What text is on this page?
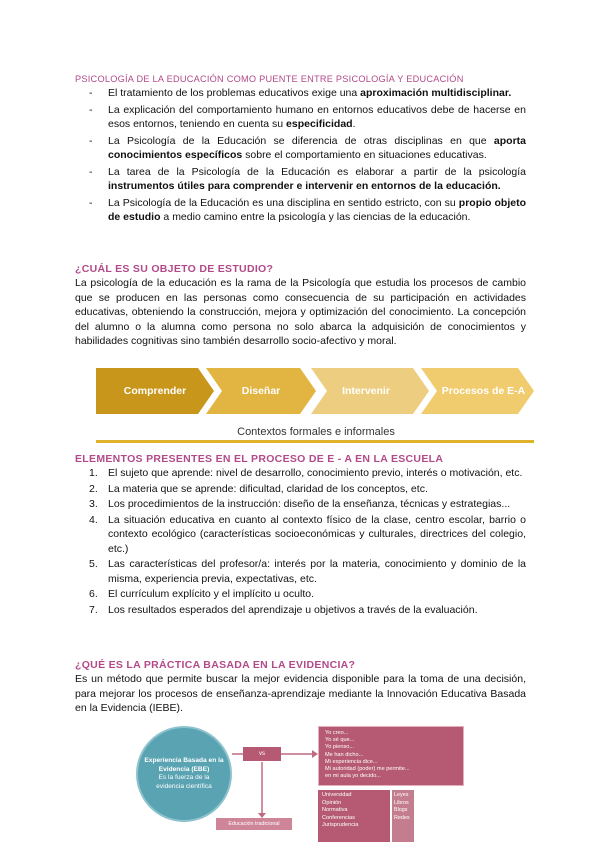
PSICOLOGÍA DE LA EDUCACIÓN COMO PUENTE ENTRE PSICOLOGÍA Y EDUCACIÓN
- El tratamiento de los problemas educativos exige una aproximación multidisciplinar.
- La explicación del comportamiento humano en entornos educativos debe de hacerse en esos entornos, teniendo en cuenta su especificidad.
- La Psicología de la Educación se diferencia de otras disciplinas en que aporta conocimientos específicos sobre el comportamiento en situaciones educativas.
- La tarea de la Psicología de la Educación es elaborar a partir de la psicología instrumentos útiles para comprender e intervenir en entornos de la educación.
- La Psicología de la Educación es una disciplina en sentido estricto, con su propio objeto de estudio a medio camino entre la psicología y las ciencias de la educación.
¿CUÁL ES SU OBJETO DE ESTUDIO?
La psicología de la educación es la rama de la Psicología que estudia los procesos de cambio que se producen en las personas como consecuencia de su participación en actividades educativas, obteniendo la construcción, mejora y optimización del conocimiento. La concepción del alumno o la alumna como persona no solo abarca la adquisición de conocimientos y habilidades cognitivas sino también desarrollo socio-afectivo y moral.
Comprender	Diseñar	Intervenir	Procesos de E-A
Contextos formales e informales
ELEMENTOS PRESENTES EN EL PROCESO DE E - A EN LA ESCUELA
1. El sujeto que aprende: nivel de desarrollo, conocimiento previo, interés o motivación, etc.
2. La materia que se aprende: dificultad, claridad de los conceptos, etc.
3. Los procedimientos de la instrucción: diseño de la enseñanza, técnicas y estrategias...
4. La situación educativa en cuanto al contexto físico de la clase, centro escolar, barrio o contexto ecológico (características socioeconómicas y culturales, directrices del colegio, etc.)
5. Las características del profesor/a: interés por la materia, conocimiento y dominio de la misma, experiencia previa, expectativas, etc.
6. El currículum explícito y el implícito u oculto.
7. Los resultados esperados del aprendizaje u objetivos a través de la evaluación.
¿QUÉ ES LA PRÁCTICA BASADA EN LA EVIDENCIA?
Es un método que permite buscar la mejor evidencia disponible para la toma de una decisión, para mejorar los procesos de enseñanza-aprendizaje mediante la Innovación Educativa Basada en la Evidencia (IEBE).
Experiencia Basada en la Evidencia (EBE)
Es la fuerza de la evidencia científica
vs
Yo creo...
Yo sé que...
Yo pienso...
Me han dicho...
Mi experiencia dice...
Mi autoridad (poder) me permite...
en mi aula yo decido...
Universidad
Opinión
Normativa
Conferencias
Jurisprudencia
Leyes
Libros
Blogs
Redes
Educación tradicional
